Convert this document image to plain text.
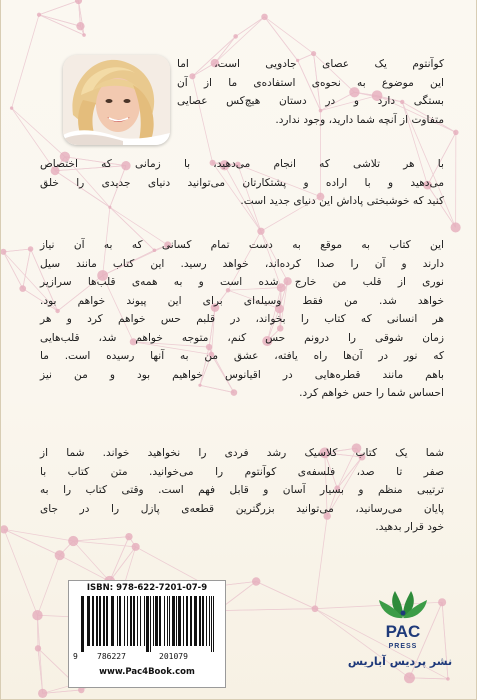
کوآنتوم یک عصای جادویی است، اما
این موضوع به نحوه‌ی استفاده‌ی ما از آن
بستگی دارد و در دستان هیچ‌کس عصایی
متفاوت از آنچه شما دارید، وجود ندارد.

با هر تلاشی که انجام می‌دهید، با زمانی که اختصاص
می‌دهید و با اراده و پشتکارتان می‌توانید دنیای جدیدی را خلق
کنید که خوشبختی پاداش این دنیای جدید است.

این کتاب به موقع به دست تمام کسانی که به آن نیاز
دارند و آن را صدا کرده‌اند، خواهد رسید. این کتاب مانند سیل
نوری از قلب من خارج شده است و به همه‌ی قلب‌ها سرازیر
خواهد شد. من فقط وسیله‌ای برای این پیوند خواهم بود.
هر انسانی که کتاب را بخواند، در قلبم حس خواهم کرد و هر
زمان شوقی را درونم حس کنم، متوجه خواهم شد، قلب‌هایی
که نور در آن‌ها راه یافته، عشق من به آنها رسیده است. ما
باهم مانند قطره‌هایی در اقیانوس خواهیم بود و من نیز
احساس شما را حس خواهم کرد.

شما یک کتاب کلاسیک رشد فردی را نخواهید خواند. شما از
صفر تا صد، فلسفه‌ی کوآنتوم را می‌خوانید. متن کتاب با
ترتیبی منظم و بسیار آسان و قابل فهم است. وقتی کتاب را به
پایان می‌رسانید، می‌توانید بزرگترین قطعه‌ی پازل را در جای
خود قرار بدهید.

ISBN: 978-622-7201-07-9
9 786227	201079
www.Pac4Book.com
PAC
PRESS
نشر پردیس آباریس
